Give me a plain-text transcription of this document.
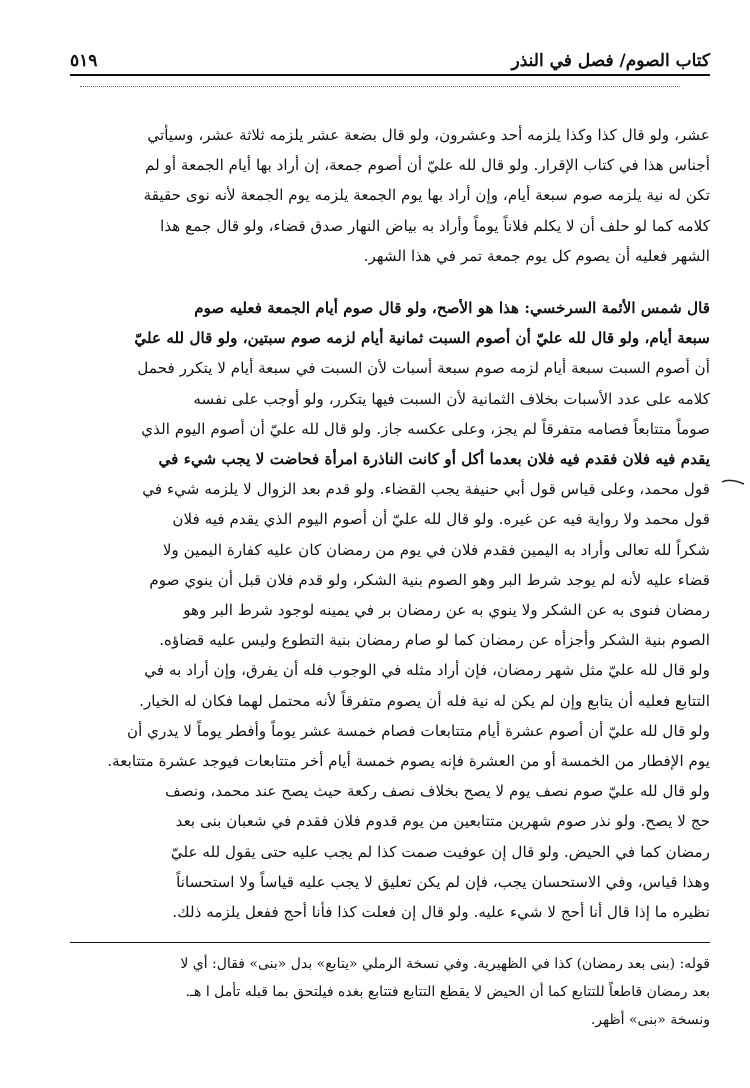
كتاب الصوم/ فصل في النذر
٥١٩

عشر، ولو قال كذا وكذا يلزمه أحد وعشرون، ولو قال بضعة عشر يلزمه ثلاثة عشر، وسيأتي

أجناس هذا في كتاب الإقرار. ولو قال لله عليّ أن أصوم جمعة، إن أراد بها أيام الجمعة أو لم

تكن له نية يلزمه صوم سبعة أيام، وإن أراد بها يوم الجمعة يلزمه يوم الجمعة لأنه نوى حقيقة

كلامه كما لو حلف أن لا يكلم فلاناً يوماً وأراد به بياض النهار صدق قضاء، ولو قال جمع هذا

الشهر فعليه أن يصوم كل يوم جمعة تمر في هذا الشهر.

قال شمس الأئمة السرخسي: هذا هو الأصح، ولو قال صوم أيام الجمعة فعليه صوم

سبعة أيام، ولو قال لله عليّ أن أصوم السبت ثمانية أيام لزمه صوم سبتين، ولو قال لله عليّ

أن أصوم السبت سبعة أيام لزمه صوم سبعة أسبات لأن السبت في سبعة أيام لا يتكرر فحمل

كلامه على عدد الأسبات بخلاف الثمانية لأن السبت فيها يتكرر، ولو أوجب على نفسه

صوماً متتابعاً فصامه متفرقاً لم يجز، وعلى عكسه جاز. ولو قال لله عليّ أن أصوم اليوم الذي

يقدم فيه فلان فقدم فيه فلان بعدما أكل أو كانت الناذرة امرأة فحاضت لا يجب شيء في

قول محمد، وعلى قياس قول أبي حنيفة يجب القضاء. ولو قدم بعد الزوال لا يلزمه شيء في

قول محمد ولا رواية فيه عن غيره. ولو قال لله عليّ أن أصوم اليوم الذي يقدم فيه فلان

شكراً لله تعالى وأراد به اليمين فقدم فلان في يوم من رمضان كان عليه كفارة اليمين ولا

قضاء عليه لأنه لم يوجد شرط البر وهو الصوم بنية الشكر، ولو قدم فلان قبل أن ينوي صوم

رمضان فنوى به عن الشكر ولا ينوي به عن رمضان بر في يمينه لوجود شرط البر وهو

الصوم بنية الشكر وأجزأه عن رمضان كما لو صام رمضان بنية التطوع وليس عليه قضاؤه.

ولو قال لله عليّ مثل شهر رمضان، فإن أراد مثله في الوجوب فله أن يفرق، وإن أراد به في

التتابع فعليه أن يتابع وإن لم يكن له نية فله أن يصوم متفرقاً لأنه محتمل لهما فكان له الخيار.

ولو قال لله عليّ أن أصوم عشرة أيام متتابعات فصام خمسة عشر يوماً وأفطر يوماً لا يدري أن

يوم الإفطار من الخمسة أو من العشرة فإنه يصوم خمسة أيام أخر متتابعات فيوجد عشرة متتابعة.

ولو قال لله عليّ صوم نصف يوم لا يصح بخلاف نصف ركعة حيث يصح عند محمد، ونصف

حج لا يصح. ولو نذر صوم شهرين متتابعين من يوم قدوم فلان فقدم في شعبان بنى بعد

رمضان كما في الحيض. ولو قال إن عوفيت صمت كذا لم يجب عليه حتى يقول لله عليّ

وهذا قياس، وفي الاستحسان يجب، فإن لم يكن تعليق لا يجب عليه قياساً ولا استحساناً

نظيره ما إذا قال أنا أحج لا شيء عليه. ولو قال إن فعلت كذا فأنا أحج ففعل يلزمه ذلك.

قوله: (بنى بعد رمضان) كذا في الظهيرية. وفي نسخة الرملي «يتابع» بدل «بنى» فقال: أي لا

بعد رمضان قاطعاً للتتابع كما أن الحيض لا يقطع التتابع فتتابع بغده فيلتحق بما قبله تأمل ا هـ.

ونسخة «بنى» أظهر.
